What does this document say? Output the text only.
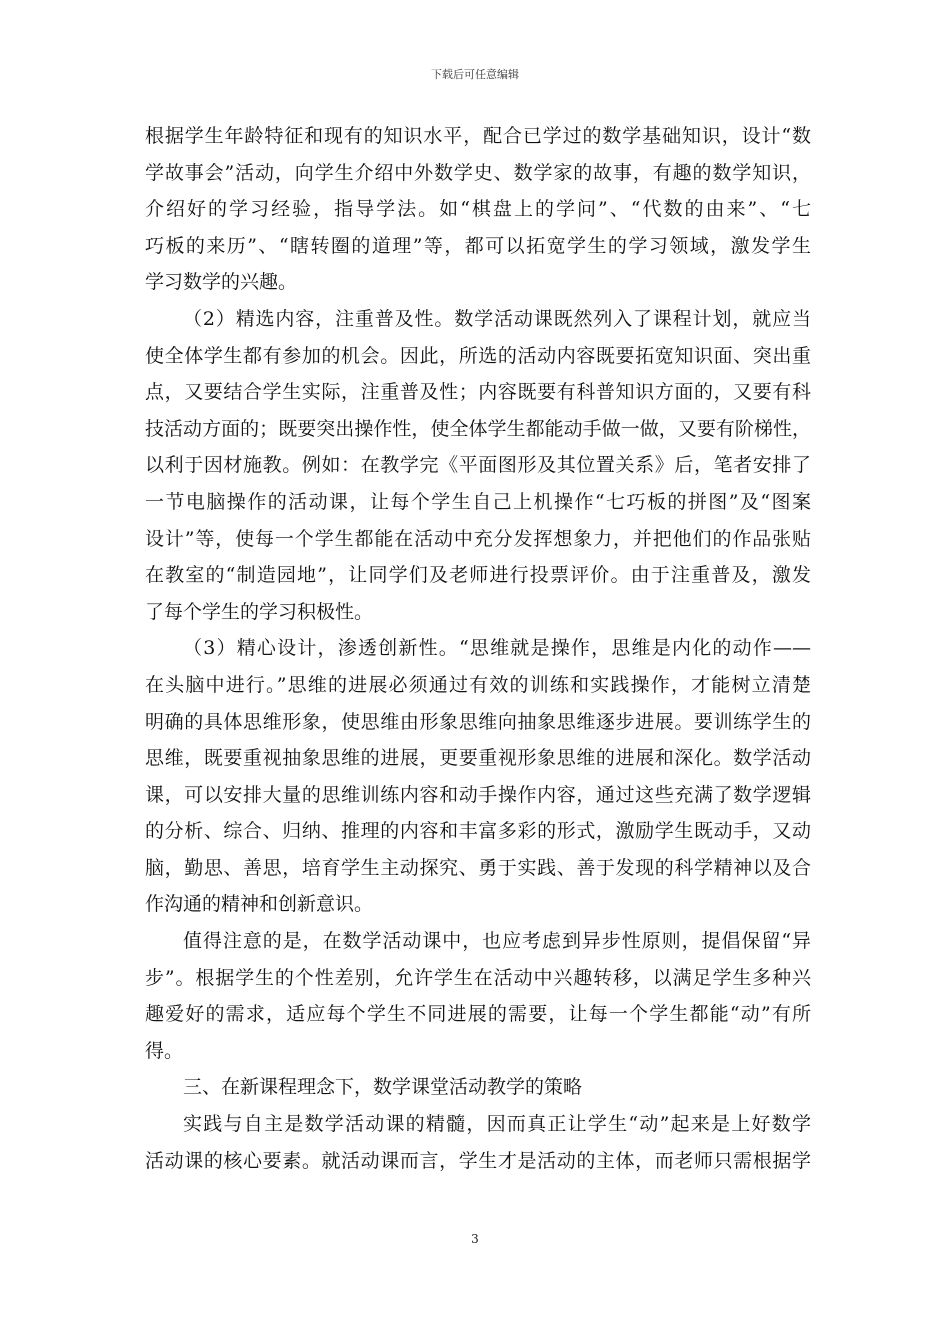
下载后可任意编辑
根据学生年龄特征和现有的知识水平，配合已学过的数学基础知识，设计“数
学故事会”活动，向学生介绍中外数学史、数学家的故事，有趣的数学知识，
介绍好的学习经验，指导学法。如“棋盘上的学问”、“代数的由来”、“七
巧板的来历”、“瞎转圈的道理”等，都可以拓宽学生的学习领域，激发学生
学习数学的兴趣。
（2）精选内容，注重普及性。数学活动课既然列入了课程计划，就应当
使全体学生都有参加的机会。因此，所选的活动内容既要拓宽知识面、突出重
点，又要结合学生实际，注重普及性；内容既要有科普知识方面的，又要有科
技活动方面的；既要突出操作性，使全体学生都能动手做一做，又要有阶梯性，
以利于因材施教。例如：在教学完《平面图形及其位置关系》后，笔者安排了
一节电脑操作的活动课，让每个学生自己上机操作“七巧板的拼图”及“图案
设计”等，使每一个学生都能在活动中充分发挥想象力，并把他们的作品张贴
在教室的“制造园地”，让同学们及老师进行投票评价。由于注重普及，激发
了每个学生的学习积极性。
（3）精心设计，渗透创新性。“思维就是操作，思维是内化的动作——
在头脑中进行。”思维的进展必须通过有效的训练和实践操作，才能树立清楚
明确的具体思维形象，使思维由形象思维向抽象思维逐步进展。要训练学生的
思维，既要重视抽象思维的进展，更要重视形象思维的进展和深化。数学活动
课，可以安排大量的思维训练内容和动手操作内容，通过这些充满了数学逻辑
的分析、综合、归纳、推理的内容和丰富多彩的形式，激励学生既动手，又动
脑，勤思、善思，培育学生主动探究、勇于实践、善于发现的科学精神以及合
作沟通的精神和创新意识。
值得注意的是，在数学活动课中，也应考虑到异步性原则，提倡保留“异
步”。根据学生的个性差别，允许学生在活动中兴趣转移，以满足学生多种兴
趣爱好的需求，适应每个学生不同进展的需要，让每一个学生都能“动”有所
得。
三、在新课程理念下，数学课堂活动教学的策略
实践与自主是数学活动课的精髓，因而真正让学生“动”起来是上好数学
活动课的核心要素。就活动课而言，学生才是活动的主体，而老师只需根据学
3
